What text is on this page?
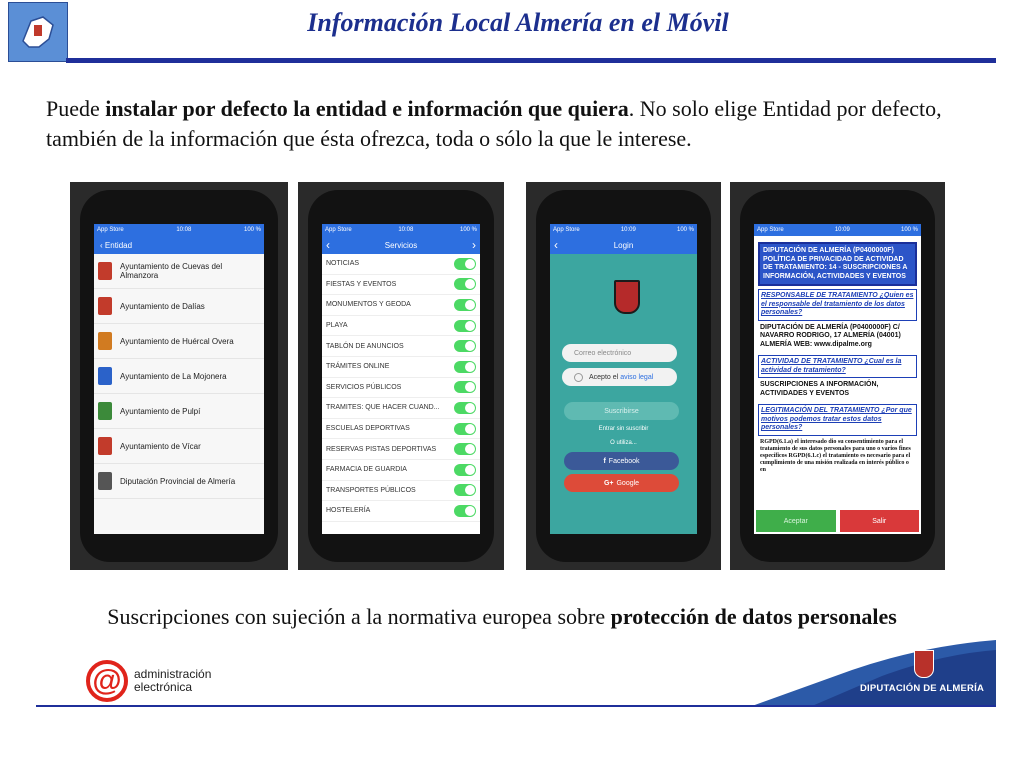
Información Local Almería en el Móvil
Puede instalar por defecto la entidad e información que quiera. No solo elige Entidad por defecto, también de la información que ésta ofrezca, toda o sólo la que le interese.
App Store	10:08	100 %
‹
Entidad
Ayuntamiento de Cuevas del Almanzora
Ayuntamiento de Dalías
Ayuntamiento de Huércal Overa
Ayuntamiento de La Mojonera
Ayuntamiento de Pulpí
Ayuntamiento de Vícar
Diputación Provincial de Almería
App Store	10:08	100 %
‹	Servicios	›
NOTICIAS
FIESTAS Y EVENTOS
MONUMENTOS Y GEODA
PLAYA
TABLÓN DE ANUNCIOS
TRÁMITES ONLINE
SERVICIOS PÚBLICOS
TRAMITES: QUE HACER CUAND...
ESCUELAS DEPORTIVAS
RESERVAS PISTAS DEPORTIVAS
FARMACIA DE GUARDIA
TRANSPORTES PÚBLICOS
HOSTELERÍA
App Store	10:09	100 %
‹	Login
Correo electrónico
Acepto el aviso legal
Suscribirse
Entrar sin suscribir
O utiliza...
f Facebook
G+ Google
App Store	10:09	100 %
DIPUTACIÓN DE ALMERÍA (P0400000F) POLÍTICA DE PRIVACIDAD DE ACTIVIDAD DE TRATAMIENTO: 14 - SUSCRIPCIONES A INFORMACIÓN, ACTIVIDADES Y EVENTOS
RESPONSABLE DE TRATAMIENTO ¿Quien es el responsable del tratamiento de los datos personales?
DIPUTACIÓN DE ALMERÍA (P0400000F) C/ NAVARRO RODRIGO, 17 ALMERÍA (04001) ALMERÍA WEB: www.dipalme.org
ACTIVIDAD DE TRATAMIENTO ¿Cual es la actividad de tratamiento?
SUSCRIPCIONES A INFORMACIÓN, ACTIVIDADES Y EVENTOS
LEGITIMACIÓN DEL TRATAMIENTO ¿Por que motivos podemos tratar estos datos personales?
RGPD(6.1.a) el interesado dio su consentimiento para el tratamiento de sus datos personales para uno o varios fines específicos RGPD(6.1.c) el tratamiento es necesario para el cumplimiento de una misión realizada en interés público o en
Aceptar	Salir
Suscripciones con sujeción a la normativa europea sobre protección de datos personales
@	administración
electrónica	DIPUTACIÓN DE ALMERÍA
